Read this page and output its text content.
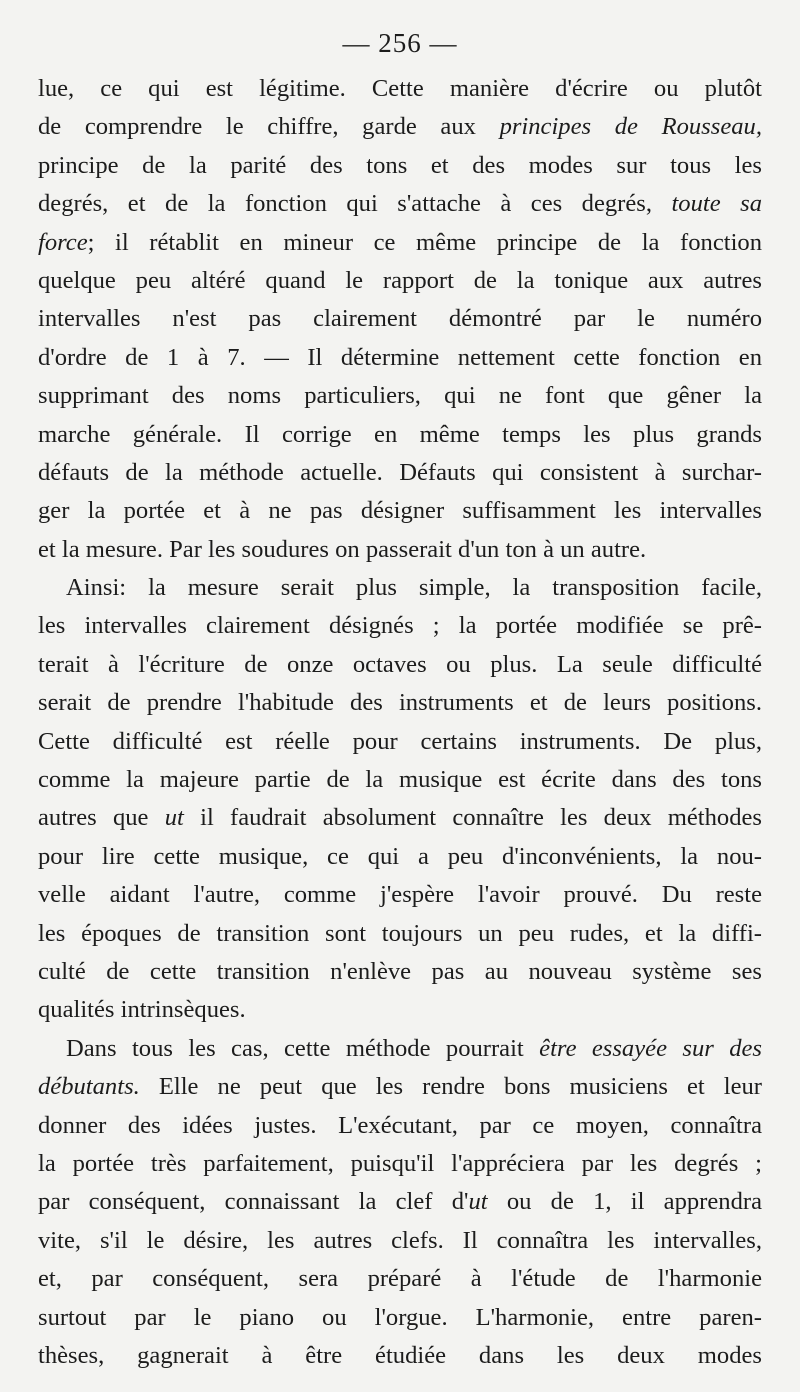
— 256 —
lue, ce qui est légitime. Cette manière d'écrire ou plutôt
de comprendre le chiffre, garde aux principes de Rousseau,
principe de la parité des tons et des modes sur tous les
degrés, et de la fonction qui s'attache à ces degrés, toute sa
force; il rétablit en mineur ce même principe de la fonction
quelque peu altéré quand le rapport de la tonique aux autres
intervalles n'est pas clairement démontré par le numéro
d'ordre de 1 à 7. — Il détermine nettement cette fonction en
supprimant des noms particuliers, qui ne font que gêner la
marche générale. Il corrige en même temps les plus grands
défauts de la méthode actuelle. Défauts qui consistent à surchar-
ger la portée et à ne pas désigner suffisamment les intervalles
et la mesure. Par les soudures on passerait d'un ton à un autre.
Ainsi: la mesure serait plus simple, la transposition facile,
les intervalles clairement désignés ; la portée modifiée se prê-
terait à l'écriture de onze octaves ou plus. La seule difficulté
serait de prendre l'habitude des instruments et de leurs positions.
Cette difficulté est réelle pour certains instruments. De plus,
comme la majeure partie de la musique est écrite dans des tons
autres que ut il faudrait absolument connaître les deux méthodes
pour lire cette musique, ce qui a peu d'inconvénients, la nou-
velle aidant l'autre, comme j'espère l'avoir prouvé. Du reste
les époques de transition sont toujours un peu rudes, et la diffi-
culté de cette transition n'enlève pas au nouveau système ses
qualités intrinsèques.
Dans tous les cas, cette méthode pourrait être essayée sur des
débutants. Elle ne peut que les rendre bons musiciens et leur
donner des idées justes. L'exécutant, par ce moyen, connaîtra
la portée très parfaitement, puisqu'il l'appréciera par les degrés ;
par conséquent, connaissant la clef d'ut ou de 1, il apprendra
vite, s'il le désire, les autres clefs. Il connaîtra les intervalles,
et, par conséquent, sera préparé à l'étude de l'harmonie
surtout par le piano ou l'orgue. L'harmonie, entre paren-
thèses, gagnerait à être étudiée dans les deux modes
